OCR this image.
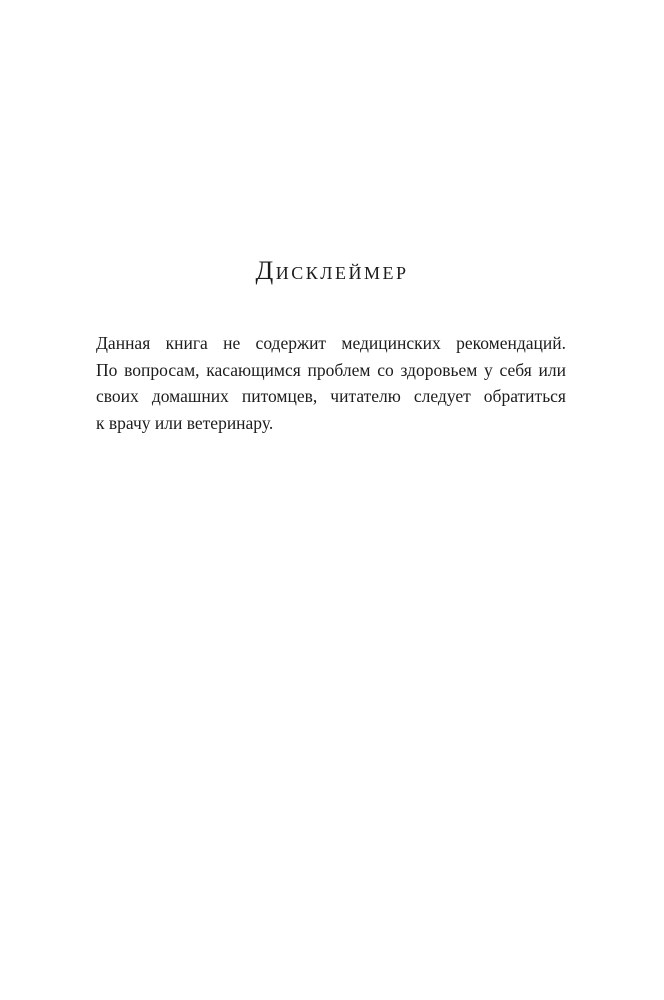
Дисклеймер

Данная книга не содержит медицинских рекомендаций.
По вопросам, касающимся проблем со здоровьем у себя или
своих домашних питомцев, читателю следует обратиться
к врачу или ветеринару.
